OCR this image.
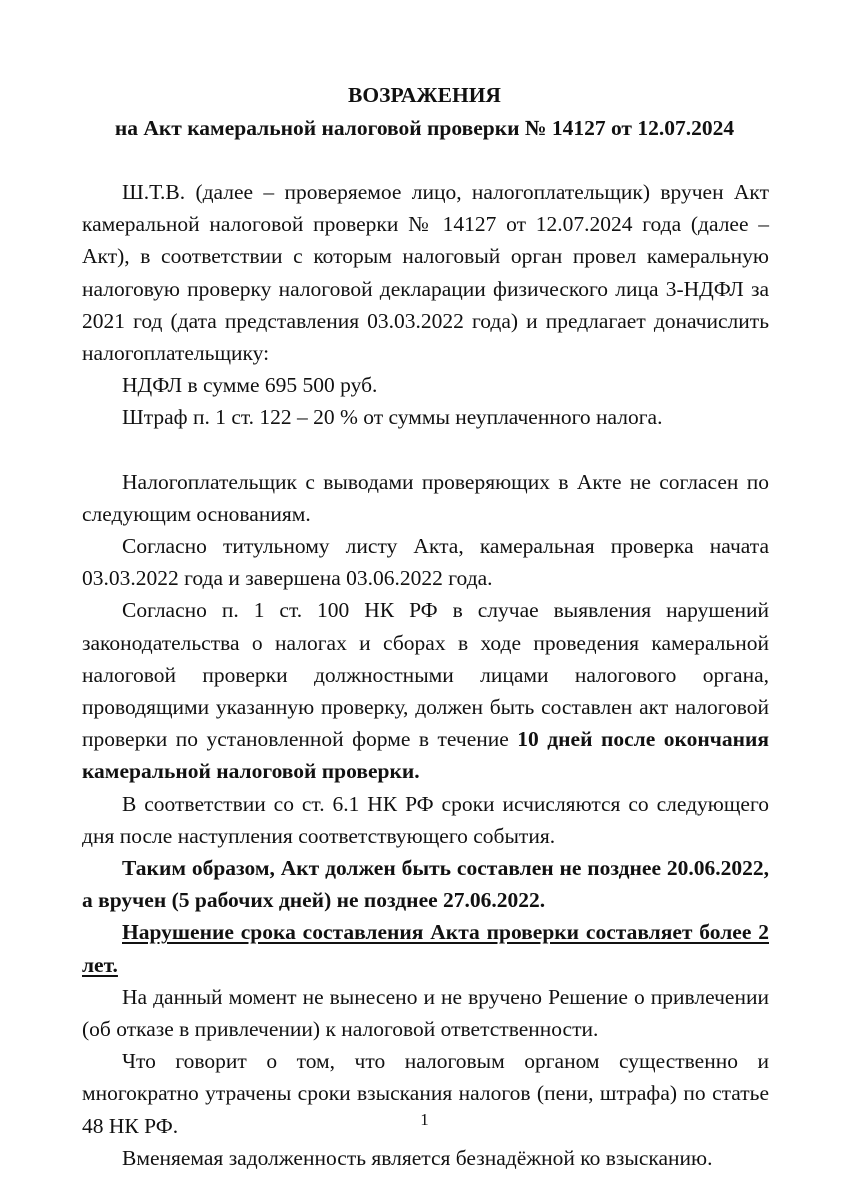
ВОЗРАЖЕНИЯ
на Акт камеральной налоговой проверки № 14127 от 12.07.2024

Ш.Т.В. (далее – проверяемое лицо, налогоплательщик) вручен Акт камеральной налоговой проверки № 14127 от 12.07.2024 года (далее – Акт), в соответствии с которым налоговый орган провел камеральную налоговую проверку налоговой декларации физического лица 3-НДФЛ за 2021 год (дата представления 03.03.2022 года) и предлагает доначислить налогоплательщику:

НДФЛ в сумме 695 500 руб.

Штраф п. 1 ст. 122 – 20 % от суммы неуплаченного налога.

Налогоплательщик с выводами проверяющих в Акте не согласен по следующим основаниям.

Согласно титульному листу Акта, камеральная проверка начата 03.03.2022 года и завершена 03.06.2022 года.

Согласно п. 1 ст. 100 НК РФ в случае выявления нарушений законодательства о налогах и сборах в ходе проведения камеральной налоговой проверки должностными лицами налогового органа, проводящими указанную проверку, должен быть составлен акт налоговой проверки по установленной форме в течение 10 дней после окончания камеральной налоговой проверки.

В соответствии со ст. 6.1 НК РФ сроки исчисляются со следующего дня после наступления соответствующего события.

Таким образом, Акт должен быть составлен не позднее 20.06.2022, а вручен (5 рабочих дней) не позднее 27.06.2022.

Нарушение срока составления Акта проверки составляет более 2 лет.

На данный момент не вынесено и не вручено Решение о привлечении (об отказе в привлечении) к налоговой ответственности.

Что говорит о том, что налоговым органом существенно и многократно утрачены сроки взыскания налогов (пени, штрафа) по статье 48 НК РФ.

Вменяемая задолженность является безнадёжной ко взысканию.

1
